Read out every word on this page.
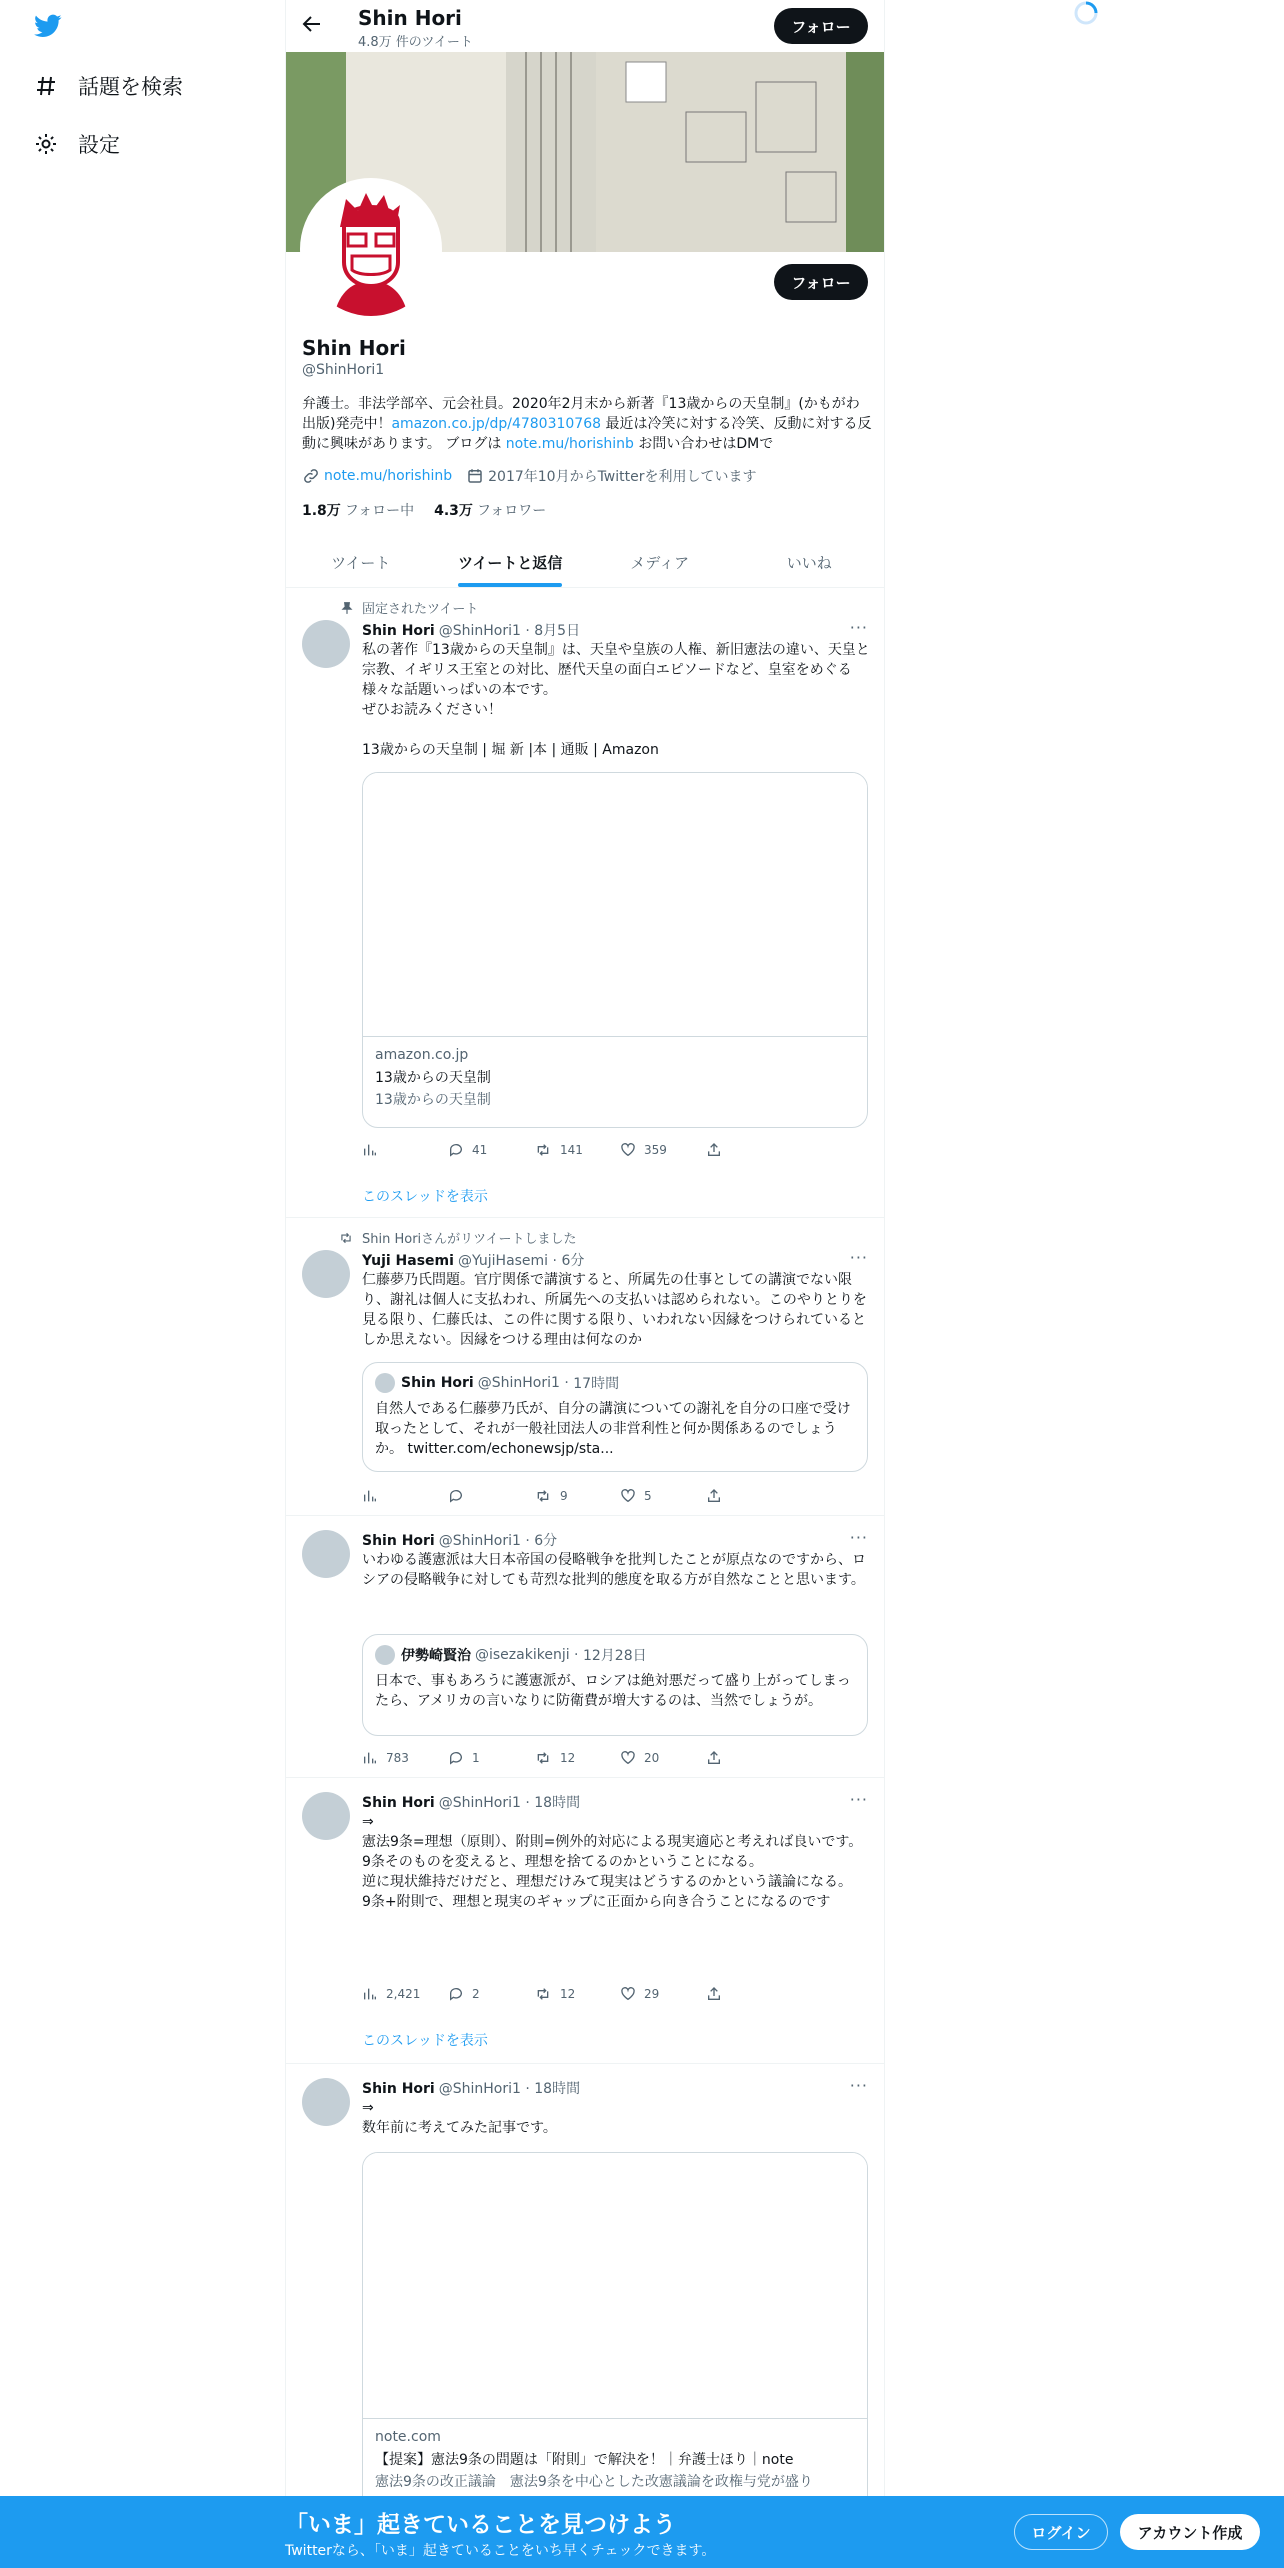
話題を検索
設定
Shin Hori
4.8万 件のツイート
フォロー
フォロー
Shin Hori
@ShinHori1
弁護士。非法学部卒、元会社員。2020年2月末から新著『13歳からの天皇制』(かもがわ出版)発売中！amazon.co.jp/dp/4780310768 最近は冷笑に対する冷笑、反動に対する反動に興味があります。 ブログは note.mu/horishinb お問い合わせはDMで
note.mu/horishinb	2017年10月からTwitterを利用しています
1.8万 フォロー中 4.3万 フォロワー
ツイート	ツイートと返信	メディア	いいね
固定されたツイート
Shin Hori @ShinHori1 · 8月5日	···
私の著作『13歳からの天皇制』は、天皇や皇族の人権、新旧憲法の違い、天皇と宗教、イギリス王室との対比、歴代天皇の面白エピソードなど、皇室をめぐる様々な話題いっぱいの本です。
ぜひお読みください！

13歳からの天皇制 | 堀 新 |本 | 通販 | Amazon
amazon.co.jp
13歳からの天皇制
13歳からの天皇制
41	141	359
このスレッドを表示
Shin Horiさんがリツイートしました
Yuji Hasemi @YujiHasemi · 6分	···
仁藤夢乃氏問題。官庁関係で講演すると、所属先の仕事としての講演でない限り、謝礼は個人に支払われ、所属先への支払いは認められない。このやりとりを見る限り、仁藤氏は、この件に関する限り、いわれない因縁をつけられているとしか思えない。因縁をつける理由は何なのか
Shin Hori @ShinHori1 · 17時間
自然人である仁藤夢乃氏が、自分の講演についての謝礼を自分の口座で受け取ったとして、それが一般社団法人の非営利性と何か関係あるのでしょうか。 twitter.com/echonewsjp/sta...
9	5
Shin Hori @ShinHori1 · 6分	···
いわゆる護憲派は大日本帝国の侵略戦争を批判したことが原点なのですから、ロシアの侵略戦争に対しても苛烈な批判的態度を取る方が自然なことと思います。
伊勢崎賢治 @isezakikenji · 12月28日
日本で、事もあろうに護憲派が、ロシアは絶対悪だって盛り上がってしまったら、アメリカの言いなりに防衛費が増大するのは、当然でしょうが。
783	1	12	20
Shin Hori @ShinHori1 · 18時間	···
⇒
憲法9条=理想（原則）、附則=例外的対応による現実適応と考えれば良いです。
9条そのものを変えると、理想を捨てるのかということになる。
逆に現状維持だけだと、理想だけみて現実はどうするのかという議論になる。
9条+附則で、理想と現実のギャップに正面から向き合うことになるのです
2,421	2	12	29
このスレッドを表示
Shin Hori @ShinHori1 · 18時間	···
⇒
数年前に考えてみた記事です。
note.com
【提案】憲法9条の問題は「附則」で解決を！｜弁護士ほり｜note
憲法9条の改正議論　憲法9条を中心とした改憲議論を政権与党が盛り
「いま」起きていることを見つけよう
Twitterなら、「いま」起きていることをいち早くチェックできます。
ログイン	アカウント作成
